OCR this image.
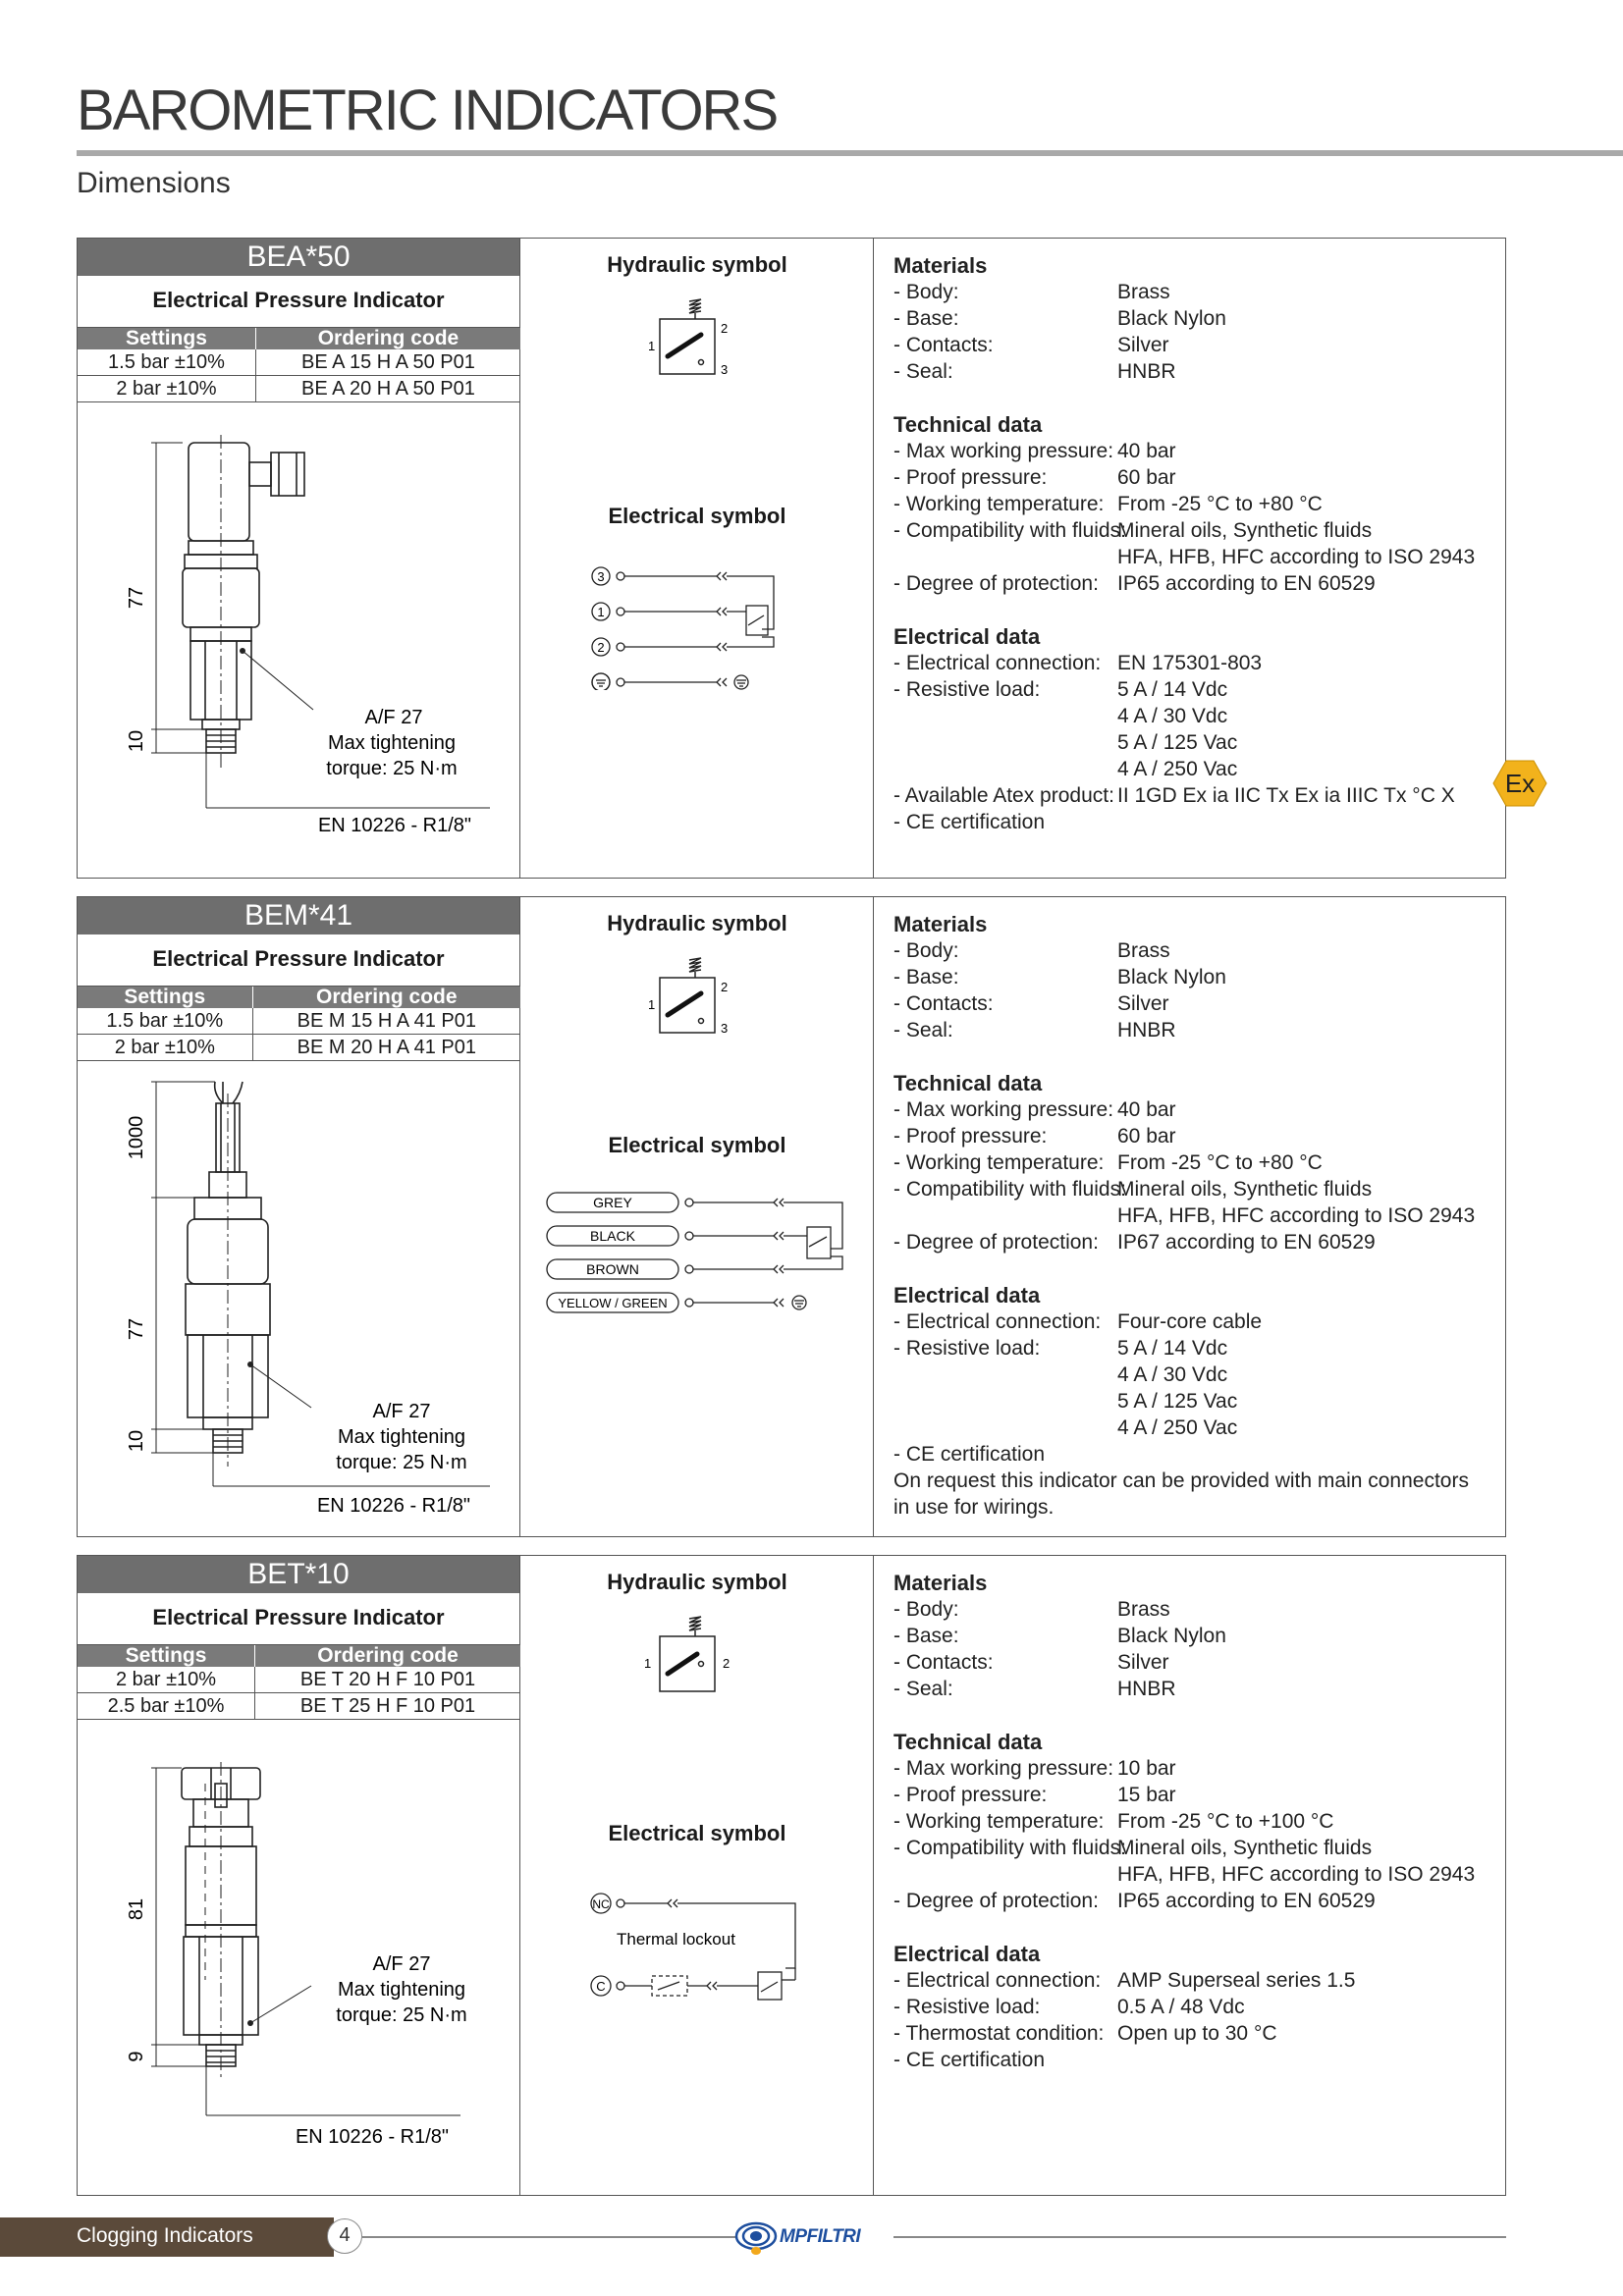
BAROMETRIC INDICATORS
Dimensions
BEA*50
Electrical Pressure Indicator
Settings	Ordering code
1.5 bar ±10%	BE A 15 H A 50 P01
2 bar ±10%	BE A 20 H A 50 P01
77
10
A/F 27
Max tightening
torque: 25 N·m
EN 10226 - R1/8"
Hydraulic symbol
1
2
3
Electrical symbol
3
1
2
Materials
- Body:	Brass
- Base:	Black Nylon
- Contacts:	Silver
- Seal:	HNBR
Technical data
- Max working pressure: 40 bar
- Proof pressure:	60 bar
- Working temperature: From -25 °C to +80 °C
- Compatibility with fluids:
Mineral oils, Synthetic fluids
HFA, HFB, HFC according to ISO 2943
- Degree of protection: IP65 according to EN 60529
Electrical data
- Electrical connection: EN 175301-803
- Resistive load:	5 A / 14 Vdc
4 A / 30 Vdc
5 A / 125 Vac
4 A / 250 Vac
- Available Atex product: II 1GD Ex ia IIC Tx Ex ia IIIC Tx °C X
- CE certification
Ex
BEM*41
Electrical Pressure Indicator
Settings	Ordering code
1.5 bar ±10%	BE M 15 H A 41 P01
2 bar ±10%	BE M 20 H A 41 P01
1000
77
10
A/F 27
Max tightening
torque: 25 N·m
EN 10226 - R1/8"
Hydraulic symbol
1
2
3
Electrical symbol
GREY
BLACK
BROWN
YELLOW / GREEN
Materials
- Body:	Brass
- Base:	Black Nylon
- Contacts:	Silver
- Seal:	HNBR
Technical data
- Max working pressure: 40 bar
- Proof pressure:	60 bar
- Working temperature: From -25 °C to +80 °C
- Compatibility with fluids:
Mineral oils, Synthetic fluids
HFA, HFB, HFC according to ISO 2943
- Degree of protection: IP67 according to EN 60529
Electrical data
- Electrical connection: Four-core cable
- Resistive load:	5 A / 14 Vdc
4 A / 30 Vdc
5 A / 125 Vac
4 A / 250 Vac
- CE certification
On request this indicator can be provided with main connectors
in use for wirings.
BET*10
Electrical Pressure Indicator
Settings	Ordering code
2 bar ±10%	BE T 20 H F 10 P01
2.5 bar ±10%	BE T 25 H F 10 P01
81
9
A/F 27
Max tightening
torque: 25 N·m
EN 10226 - R1/8"
Hydraulic symbol
1	2
Electrical symbol
NC
C
Thermal lockout
Materials
- Body:	Brass
- Base:	Black Nylon
- Contacts:	Silver
- Seal:	HNBR
Technical data
- Max working pressure: 10 bar
- Proof pressure:	15 bar
- Working temperature: From -25 °C to +100 °C
- Compatibility with fluids:
Mineral oils, Synthetic fluids
HFA, HFB, HFC according to ISO 2943
- Degree of protection: IP65 according to EN 60529
Electrical data
- Electrical connection: AMP Superseal series 1.5
- Resistive load:	0.5 A / 48 Vdc
- Thermostat condition: Open up to 30 °C
- CE certification
Clogging Indicators	4	MPFILTRI
